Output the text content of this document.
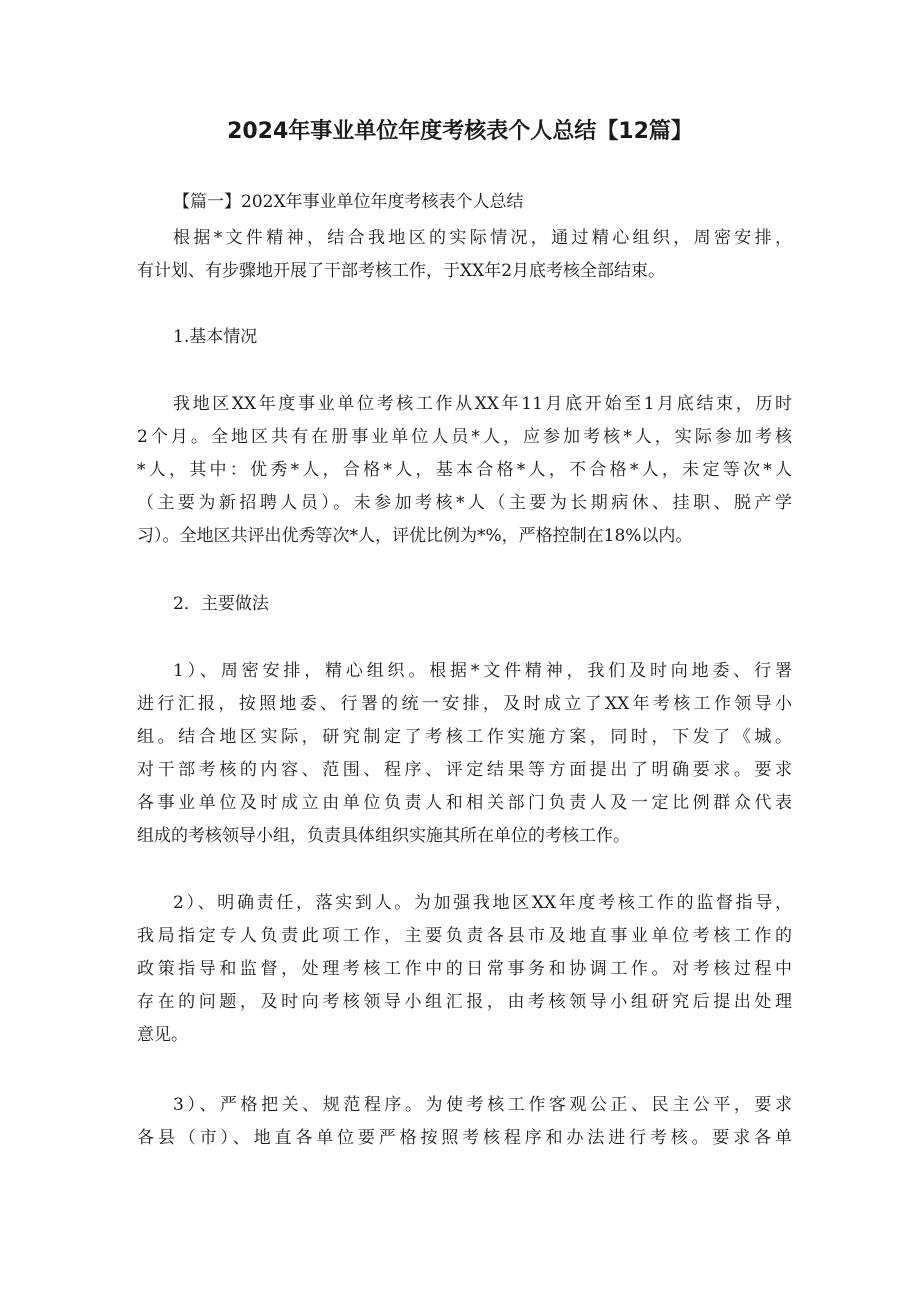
2024年事业单位年度考核表个人总结【12篇】

【篇一】202X年事业单位年度考核表个人总结

根据*文件精神，结合我地区的实际情况，通过精心组织，周密安排，
有计划、有步骤地开展了干部考核工作，于XX年2月底考核全部结束。

1.基本情况

我地区XX年度事业单位考核工作从XX年11月底开始至1月底结束，历时
2个月。全地区共有在册事业单位人员*人，应参加考核*人，实际参加考核
*人，其中：优秀*人，合格*人，基本合格*人，不合格*人，未定等次*人
（主要为新招聘人员）。未参加考核*人（主要为长期病休、挂职、脱产学
习）。全地区共评出优秀等次*人，评优比例为*%，严格控制在18%以内。

2．主要做法

1）、周密安排，精心组织。根据*文件精神，我们及时向地委、行署
进行汇报，按照地委、行署的统一安排，及时成立了XX年考核工作领导小
组。结合地区实际，研究制定了考核工作实施方案，同时，下发了《城。
对干部考核的内容、范围、程序、评定结果等方面提出了明确要求。要求
各事业单位及时成立由单位负责人和相关部门负责人及一定比例群众代表
组成的考核领导小组，负责具体组织实施其所在单位的考核工作。
2）、明确责任，落实到人。为加强我地区XX年度考核工作的监督指导，
我局指定专人负责此项工作，主要负责各县市及地直事业单位考核工作的
政策指导和监督，处理考核工作中的日常事务和协调工作。对考核过程中
存在的问题，及时向考核领导小组汇报，由考核领导小组研究后提出处理
意见。
3）、严格把关、规范程序。为使考核工作客观公正、民主公平，要求
各县（市）、地直各单位要严格按照考核程序和办法进行考核。要求各单
